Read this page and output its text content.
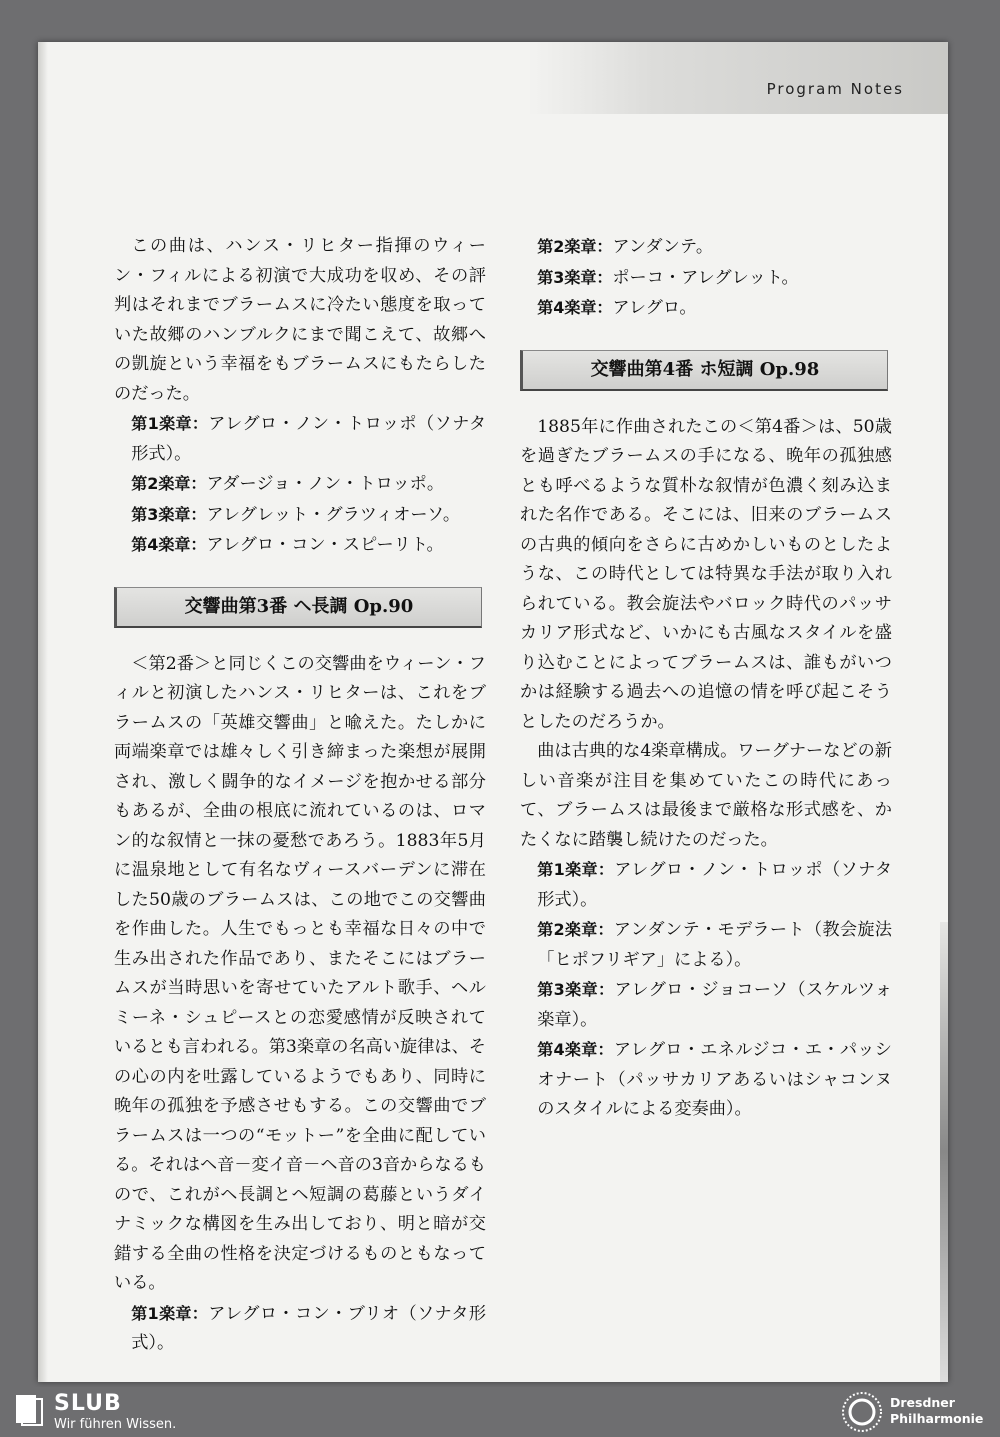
Program Notes

この曲は、ハンス・リヒター指揮のウィーン・フィルによる初演で大成功を収め、その評判はそれまでブラームスに冷たい態度を取っていた故郷のハンブルクにまで聞こえて、故郷への凱旋という幸福をもブラームスにもたらしたのだった。

第1楽章：アレグロ・ノン・トロッポ（ソナタ形式）。

第2楽章：アダージョ・ノン・トロッポ。

第3楽章：アレグレット・グラツィオーソ。

第4楽章：アレグロ・コン・スピーリト。

交響曲第3番 ヘ長調 Op.90

＜第2番＞と同じくこの交響曲をウィーン・フィルと初演したハンス・リヒターは、これをブラームスの「英雄交響曲」と喩えた。たしかに両端楽章では雄々しく引き締まった楽想が展開され、激しく闘争的なイメージを抱かせる部分もあるが、全曲の根底に流れているのは、ロマン的な叙情と一抹の憂愁であろう。1883年5月に温泉地として有名なヴィースバーデンに滞在した50歳のブラームスは、この地でこの交響曲を作曲した。人生でもっとも幸福な日々の中で生み出された作品であり、またそこにはブラームスが当時思いを寄せていたアルト歌手、ヘルミーネ・シュピースとの恋愛感情が反映されているとも言われる。第3楽章の名高い旋律は、その心の内を吐露しているようでもあり、同時に晩年の孤独を予感させもする。この交響曲でブラームスは一つの“モットー”を全曲に配している。それはヘ音－変イ音－ヘ音の3音からなるもので、これがヘ長調とヘ短調の葛藤というダイナミックな構図を生み出しており、明と暗が交錯する全曲の性格を決定づけるものともなっている。

第1楽章：アレグロ・コン・ブリオ（ソナタ形式）。

第2楽章：アンダンテ。

第3楽章：ポーコ・アレグレット。

第4楽章：アレグロ。

交響曲第4番 ホ短調 Op.98

1885年に作曲されたこの＜第4番＞は、50歳を過ぎたブラームスの手になる、晩年の孤独感とも呼べるような質朴な叙情が色濃く刻み込まれた名作である。そこには、旧来のブラームスの古典的傾向をさらに古めかしいものとしたような、この時代としては特異な手法が取り入れられている。教会旋法やバロック時代のパッサカリア形式など、いかにも古風なスタイルを盛り込むことによってブラームスは、誰もがいつかは経験する過去への追憶の情を呼び起こそうとしたのだろうか。

曲は古典的な4楽章構成。ワーグナーなどの新しい音楽が注目を集めていたこの時代にあって、ブラームスは最後まで厳格な形式感を、かたくなに踏襲し続けたのだった。

第1楽章：アレグロ・ノン・トロッポ（ソナタ形式）。

第2楽章：アンダンテ・モデラート（教会旋法「ヒポフリギア」による）。

第3楽章：アレグロ・ジョコーソ（スケルツォ楽章）。

第4楽章：アレグロ・エネルジコ・エ・パッシオナート（パッサカリアあるいはシャコンヌのスタイルによる変奏曲）。

SLUB
Wir führen Wissen.
Dresdner
Philharmonie
